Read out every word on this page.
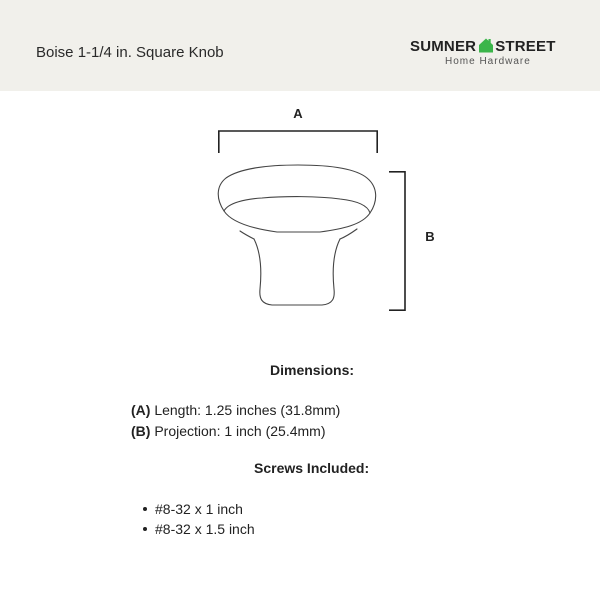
Boise 1-1/4 in. Square Knob	SUMNER STREET
Home Hardware
A
B
Dimensions:
(A) Length: 1.25 inches (31.8mm)
(B) Projection: 1 inch (25.4mm)
Screws Included:
#8-32 x 1 inch
#8-32 x 1.5 inch
